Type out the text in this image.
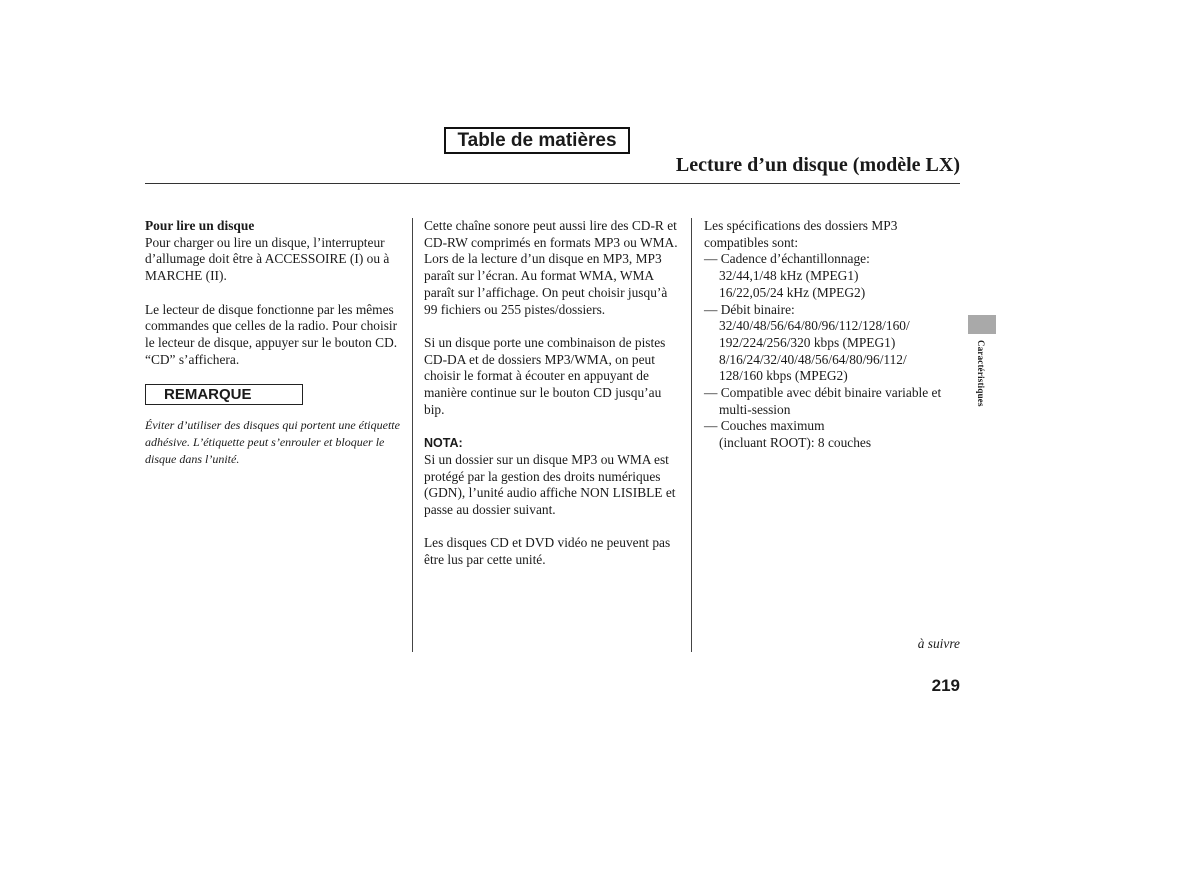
Table de matières
Lecture d’un disque (modèle LX)

Pour lire un disque

Pour charger ou lire un disque, l’interrupteur d’allumage doit être à ACCESSOIRE (I) ou à MARCHE (II).

Le lecteur de disque fonctionne par les mêmes commandes que celles de la radio. Pour choisir le lecteur de disque, appuyer sur le bouton CD. “CD” s’affichera.

REMARQUE

Éviter d’utiliser des disques qui portent une étiquette adhésive. L’étiquette peut s’enrouler et bloquer le disque dans l’unité.

Cette chaîne sonore peut aussi lire des CD-R et CD-RW comprimés en formats MP3 ou WMA. Lors de la lecture d’un disque en MP3, MP3 paraît sur l’écran. Au format WMA, WMA paraît sur l’affichage. On peut choisir jusqu’à 99 fichiers ou 255 pistes/dossiers.

Si un disque porte une combinaison de pistes CD-DA et de dossiers MP3/WMA, on peut choisir le format à écouter en appuyant de manière continue sur le bouton CD jusqu’au bip.

NOTA:

Si un dossier sur un disque MP3 ou WMA est protégé par la gestion des droits numériques (GDN), l’unité audio affiche NON LISIBLE et passe au dossier suivant.

Les disques CD et DVD vidéo ne peuvent pas être lus par cette unité.

Les spécifications des dossiers MP3 compatibles sont:

— Cadence d’échantillonnage:

32/44,1/48 kHz (MPEG1)

16/22,05/24 kHz (MPEG2)

— Débit binaire:

32/40/48/56/64/80/96/112/128/160/

192/224/256/320 kbps (MPEG1)

8/16/24/32/40/48/56/64/80/96/112/

128/160 kbps (MPEG2)

— Compatible avec débit binaire variable et multi-session

— Couches maximum

(incluant ROOT): 8 couches

à suivre
219
Caractéristiques
